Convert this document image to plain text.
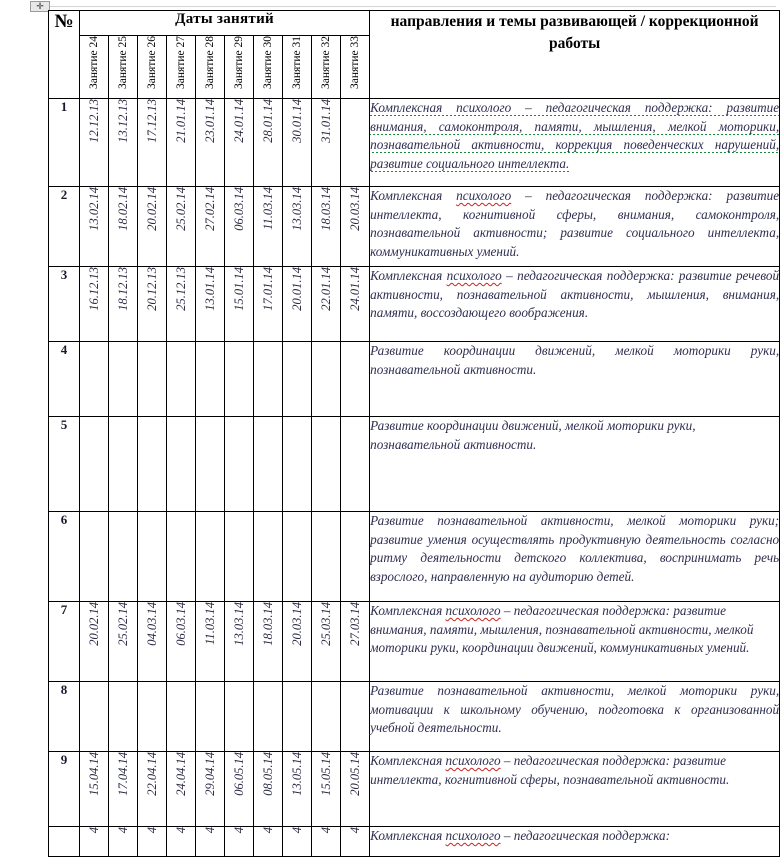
✛
№	Даты занятий										направления и темы развивающей / коррекционной работы

	Занятие 24	Занятие 25	Занятие 26	Занятие 27	Занятие 28	Занятие 29	Занятие 30	Занятие 31	Занятие 32	Занятие 33	

1	12.12.13	13.12.13	17.12.13	21.01.14	23.01.14	24.01.14	28.01.14	30.01.14	31.01.14		Комплексная психолого – педагогическая поддержка: развитие внимания, самоконтроля, памяти, мышления, мелкой моторики, познавательной активности, коррекция поведенческих нарушений, развитие социального интеллекта.
2	13.02.14	18.02.14	20.02.14	25.02.14	27.02.14	06.03.14	11.03.14	13.03.14	18.03.14	20.03.14	Комплексная психолого – педагогическая поддержка: развитие интеллекта, когнитивной сферы, внимания, самоконтроля, познавательной активности; развитие социального интеллекта, коммуникативных умений.
3	16.12.13	18.12.13	20.12.13	25.12.13	13.01.14	15.01.14	17.01.14	20.01.14	22.01.14	24.01.14	Комплексная психолого – педагогическая поддержка: развитие речевой активности, познавательной активности, мышления, внимания, памяти, воссоздающего воображения.
4											Развитие координации движений, мелкой моторики руки, познавательной активности.
5											Развитие координации движений, мелкой моторики руки, познавательной активности.
6											Развитие познавательной активности, мелкой моторики руки; развитие умения осуществлять продуктивную деятельность согласно ритму деятельности детского коллектива, воспринимать речь взрослого, направленную на аудиторию детей.
7	20.02.14	25.02.14	04.03.14	06.03.14	11.03.14	13.03.14	18.03.14	20.03.14	25.03.14	27.03.14	Комплексная психолого – педагогическая поддержка: развитие внимания, памяти, мышления, познавательной активности, мелкой моторики руки, координации движений, коммуникативных умений.
8											Развитие познавательной активности, мелкой моторики руки, мотивации к школьному обучению, подготовка к организованной учебной деятельности.
9	15.04.14	17.04.14	22.04.14	24.04.14	29.04.14	06.05.14	08.05.14	13.05.14	15.05.14	20.05.14	Комплексная психолого – педагогическая поддержка: развитие интеллекта, когнитивной сферы, познавательной активности.

	4	4	4	4	4	4	4	4	4	4	Комплексная психолого – педагогическая поддержка:
